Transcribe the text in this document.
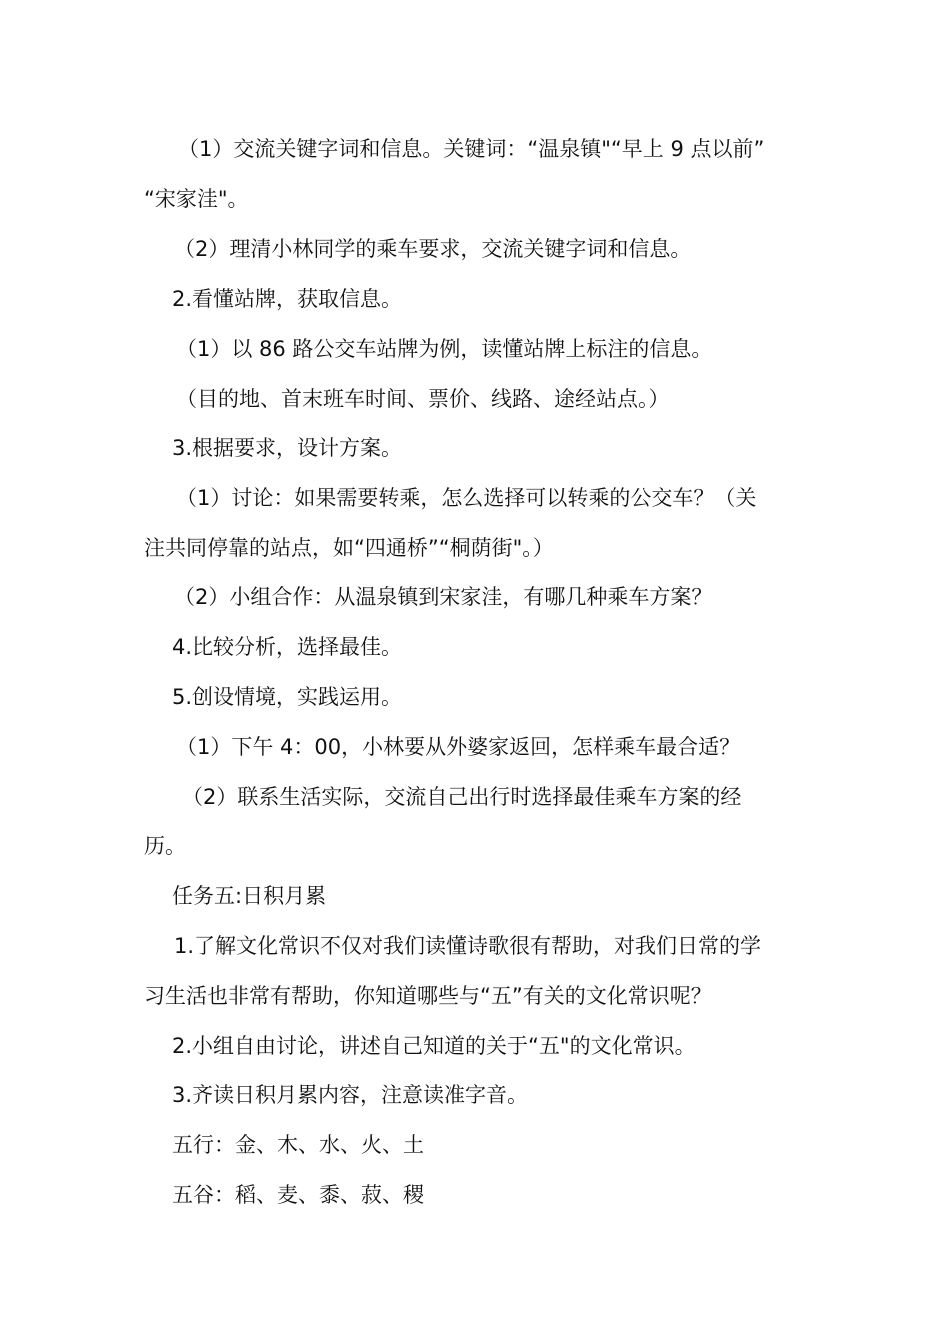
（1）交流关键字词和信息。关键词：“温泉镇"“早上 9 点以前”
“宋家洼"。
（2）理清小林同学的乘车要求，交流关键字词和信息。
2.看懂站牌，获取信息。
（1）以 86 路公交车站牌为例，读懂站牌上标注的信息。
（目的地、首末班车时间、票价、线路、途经站点。）
3.根据要求，设计方案。
（1）讨论：如果需要转乘，怎么选择可以转乘的公交车？（关
注共同停靠的站点，如“四通桥”“桐荫街"。）
（2）小组合作：从温泉镇到宋家洼，有哪几种乘车方案？
4.比较分析，选择最佳。
5.创设情境，实践运用。
（1）下午 4：00，小林要从外婆家返回，怎样乘车最合适？
（2）联系生活实际，交流自己出行时选择最佳乘车方案的经
历。
任务五:日积月累
1.了解文化常识不仅对我们读懂诗歌很有帮助，对我们日常的学
习生活也非常有帮助，你知道哪些与“五”有关的文化常识呢？
2.小组自由讨论，讲述自己知道的关于“五"的文化常识。
3.齐读日积月累内容，注意读准字音。
五行：金、木、水、火、土
五谷：稻、麦、黍、菽、稷
